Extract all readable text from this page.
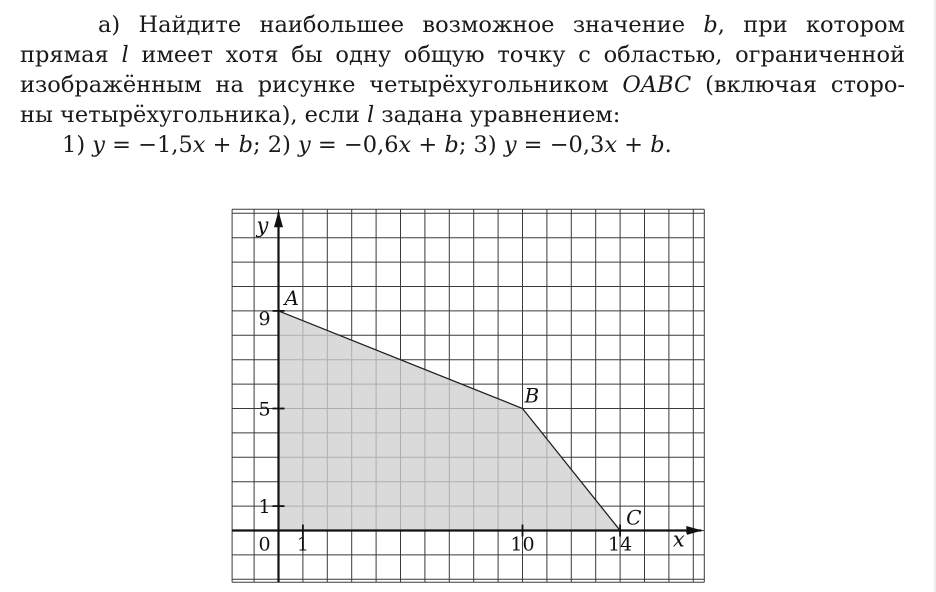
а) Найдите наибольшее возможное значение b, при котором
прямая l имеет хотя бы одну общую точку с областью, ограниченной
изображённым на рисунке четырёхугольником OABC (включая сторо-
ны четырёхугольника), если l задана уравнением:
1) y = −1,5x + b; 2) y = −0,6x + b; 3) y = −0,3x + b.
y
x
0 1	10	14
1
5
9
A
B
C
